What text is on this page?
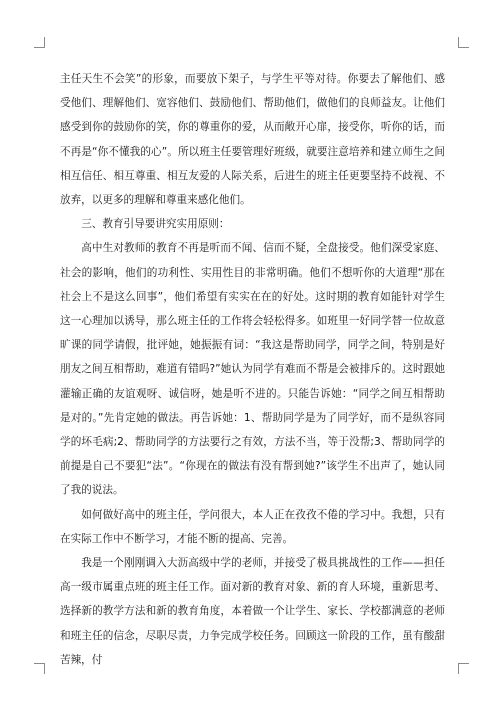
主任天生不会笑”的形象，而要放下架子，与学生平等对待。你要去了解他们、感受他们、理解他们、宽容他们、鼓励他们、帮助他们，做他们的良师益友。让他们感受到你的鼓励你的笑，你的尊重你的爱，从而敞开心扉，接受你，听你的话，而不再是“你不懂我的心”。所以班主任要管理好班级，就要注意培养和建立师生之间相互信任、相互尊重、相互友爱的人际关系，后进生的班主任更要坚持不歧视、不放弃，以更多的理解和尊重来感化他们。

三、教育引导要讲究实用原则：

高中生对教师的教育不再是听而不闻、信而不疑，全盘接受。他们深受家庭、社会的影响，他们的功利性、实用性目的非常明确。他们不想听你的大道理“那在社会上不是这么回事”，他们希望有实实在在的好处。这时期的教育如能针对学生这一心理加以诱导，那么班主任的工作将会轻松得多。如班里一好同学替一位故意旷课的同学请假，批评她，她振振有词：“我这是帮助同学，同学之间，特别是好朋友之间互相帮助，难道有错吗?”她认为同学有难而不帮是会被排斥的。这时跟她灌输正确的友谊观呀、诚信呀，她是听不进的。只能告诉她：“同学之间互相帮助是对的。”先肯定她的做法。再告诉她：1、帮助同学是为了同学好，而不是纵容同学的坏毛病;2、帮助同学的方法要行之有效，方法不当，等于没帮;3、帮助同学的前提是自己不要犯“法”。“你现在的做法有没有帮到她?”该学生不出声了，她认同了我的说法。

如何做好高中的班主任，学问很大，本人正在孜孜不倦的学习中。我想，只有在实际工作中不断学习，才能不断的提高、完善。

我是一个刚刚调入大沥高级中学的老师，并接受了极具挑战性的工作——担任高一级市属重点班的班主任工作。面对新的教育对象、新的育人环境，重新思考、选择新的教学方法和新的教育角度，本着做一个让学生、家长、学校都满意的老师和班主任的信念，尽职尽责，力争完成学校任务。回顾这一阶段的工作，虽有酸甜苦辣，付
